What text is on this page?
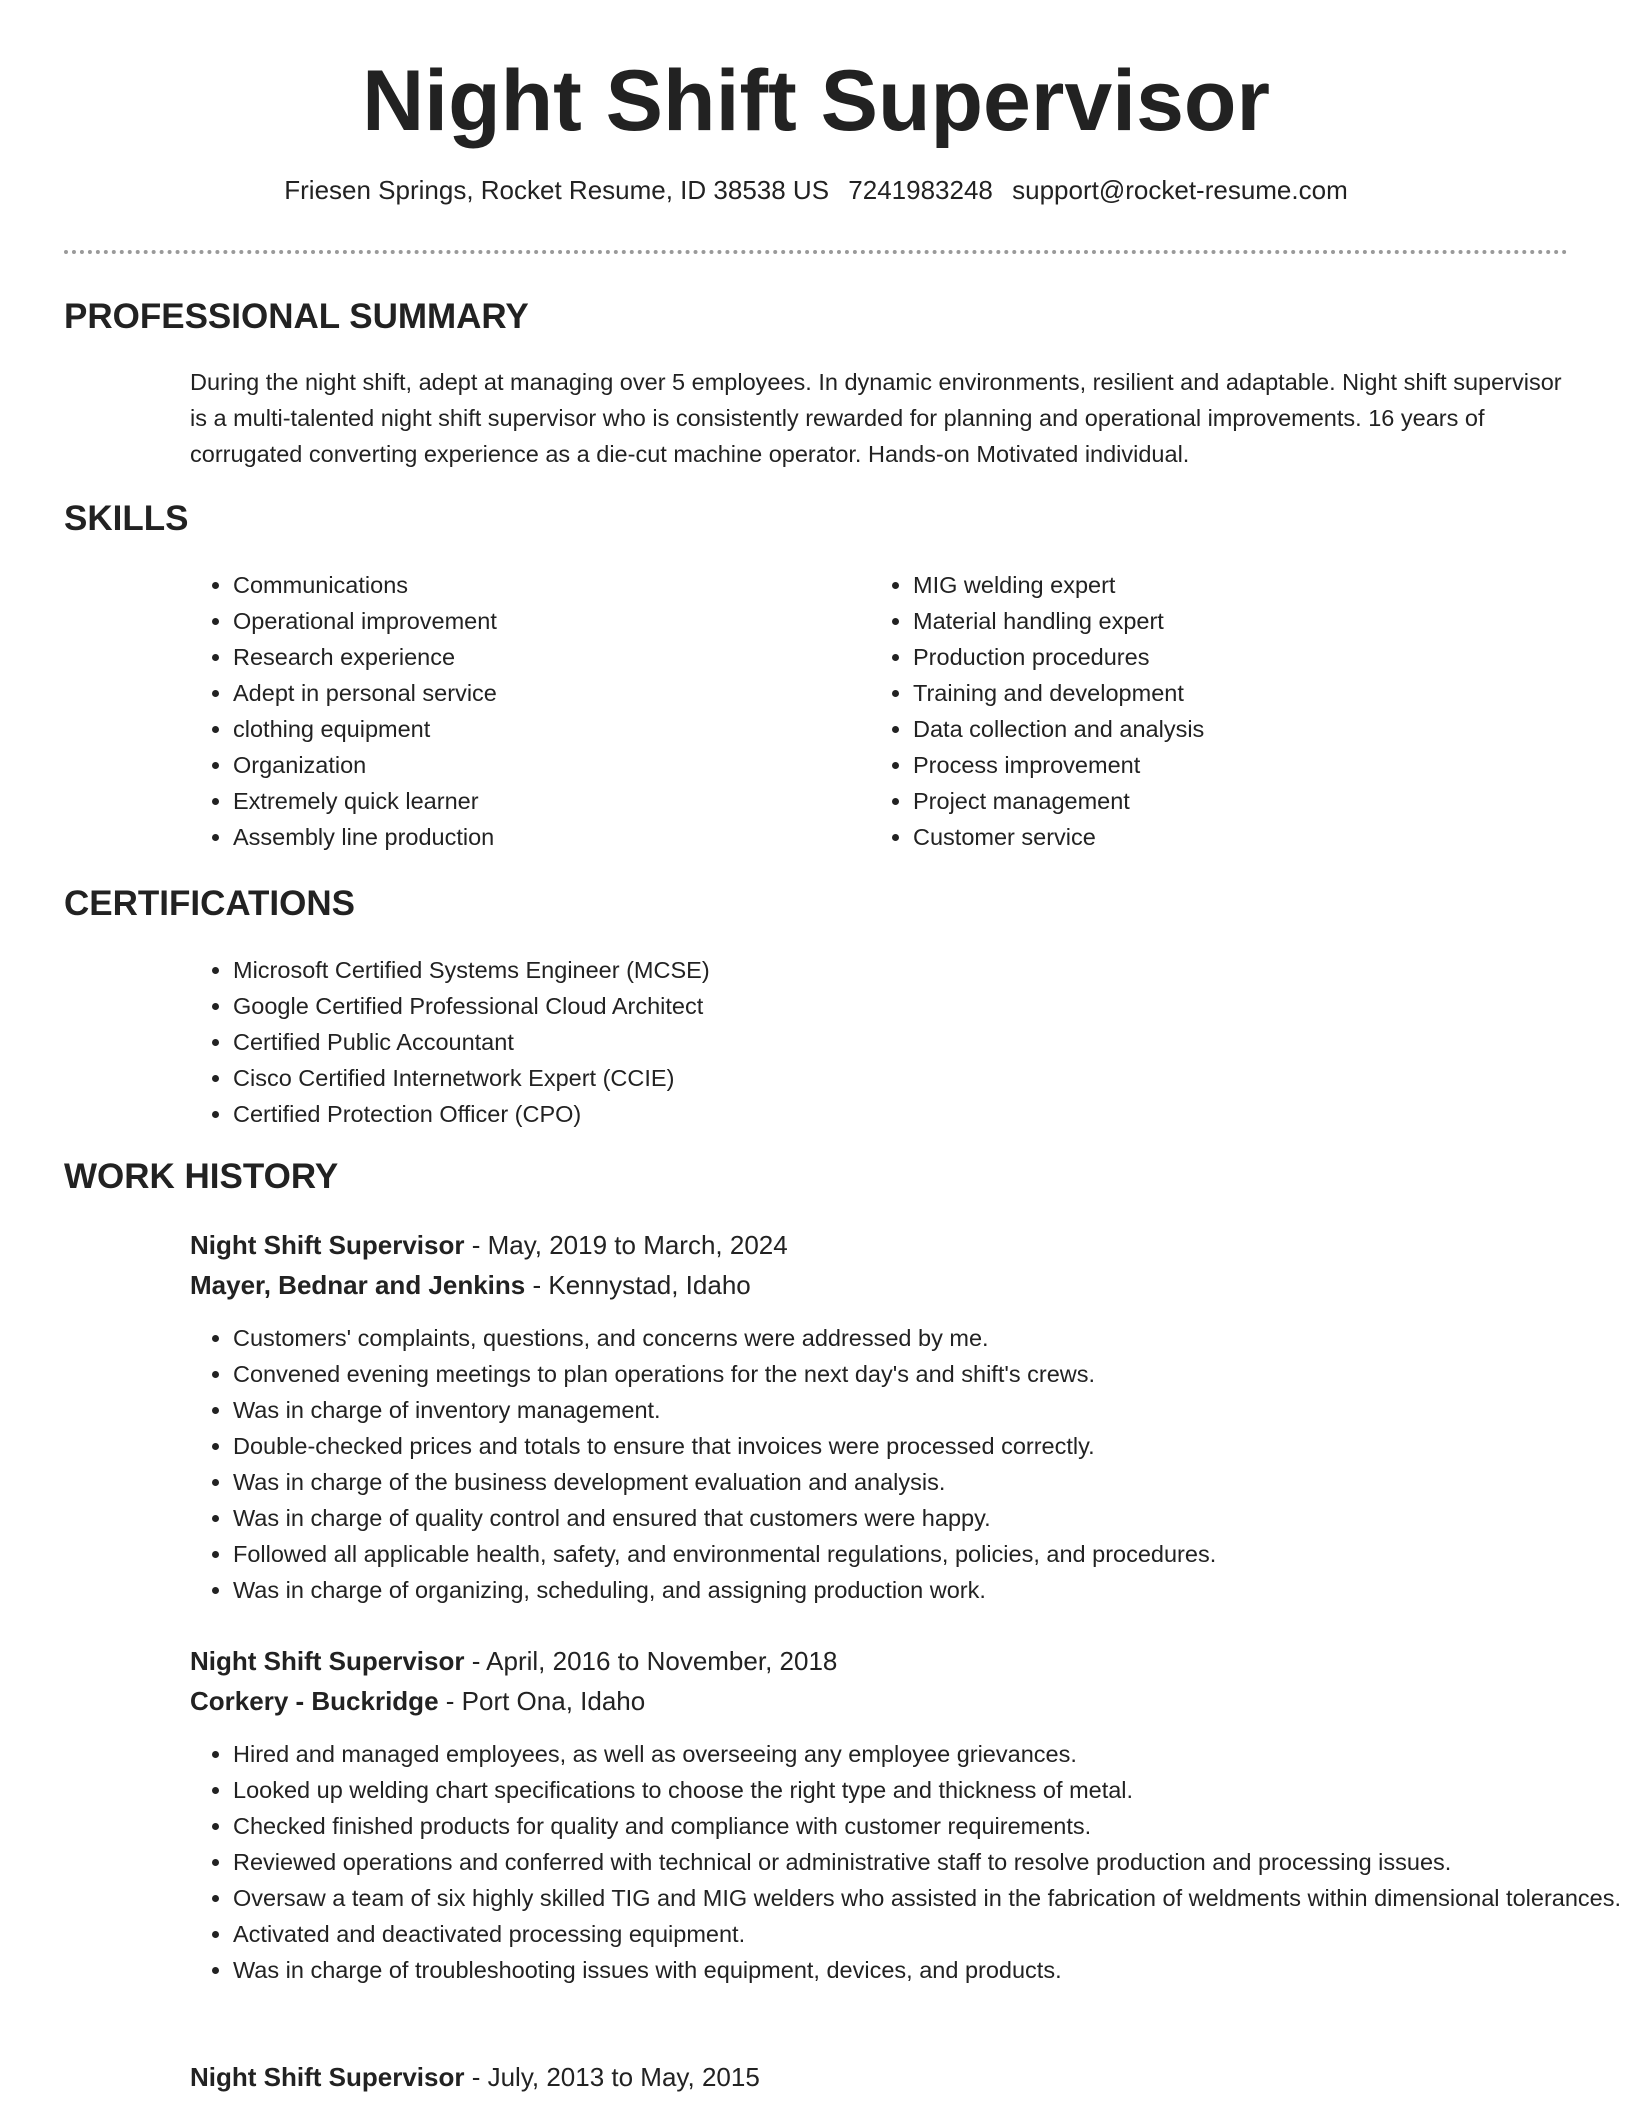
Night Shift Supervisor
Friesen Springs, Rocket Resume, ID 38538 US 7241983248 support@rocket-resume.com
PROFESSIONAL SUMMARY
During the night shift, adept at managing over 5 employees. In dynamic environments, resilient and adaptable. Night shift supervisor is a multi-talented night shift supervisor who is consistently rewarded for planning and operational improvements. 16 years of corrugated converting experience as a die-cut machine operator. Hands-on Motivated individual.
SKILLS
• Communications
• Operational improvement
• Research experience
• Adept in personal service
• clothing equipment
• Organization
• Extremely quick learner
• Assembly line production
• MIG welding expert
• Material handling expert
• Production procedures
• Training and development
• Data collection and analysis
• Process improvement
• Project management
• Customer service
CERTIFICATIONS
• Microsoft Certified Systems Engineer (MCSE)
• Google Certified Professional Cloud Architect
• Certified Public Accountant
• Cisco Certified Internetwork Expert (CCIE)
• Certified Protection Officer (CPO)
WORK HISTORY
Night Shift Supervisor - May, 2019 to March, 2024
Mayer, Bednar and Jenkins - Kennystad, Idaho
• Customers' complaints, questions, and concerns were addressed by me.
• Convened evening meetings to plan operations for the next day's and shift's crews.
• Was in charge of inventory management.
• Double-checked prices and totals to ensure that invoices were processed correctly.
• Was in charge of the business development evaluation and analysis.
• Was in charge of quality control and ensured that customers were happy.
• Followed all applicable health, safety, and environmental regulations, policies, and procedures.
• Was in charge of organizing, scheduling, and assigning production work.
Night Shift Supervisor - April, 2016 to November, 2018
Corkery - Buckridge - Port Ona, Idaho
• Hired and managed employees, as well as overseeing any employee grievances.
• Looked up welding chart specifications to choose the right type and thickness of metal.
• Checked finished products for quality and compliance with customer requirements.
• Reviewed operations and conferred with technical or administrative staff to resolve production and processing issues.
• Oversaw a team of six highly skilled TIG and MIG welders who assisted in the fabrication of weldments within dimensional tolerances.
• Activated and deactivated processing equipment.
• Was in charge of troubleshooting issues with equipment, devices, and products.
Night Shift Supervisor - July, 2013 to May, 2015
